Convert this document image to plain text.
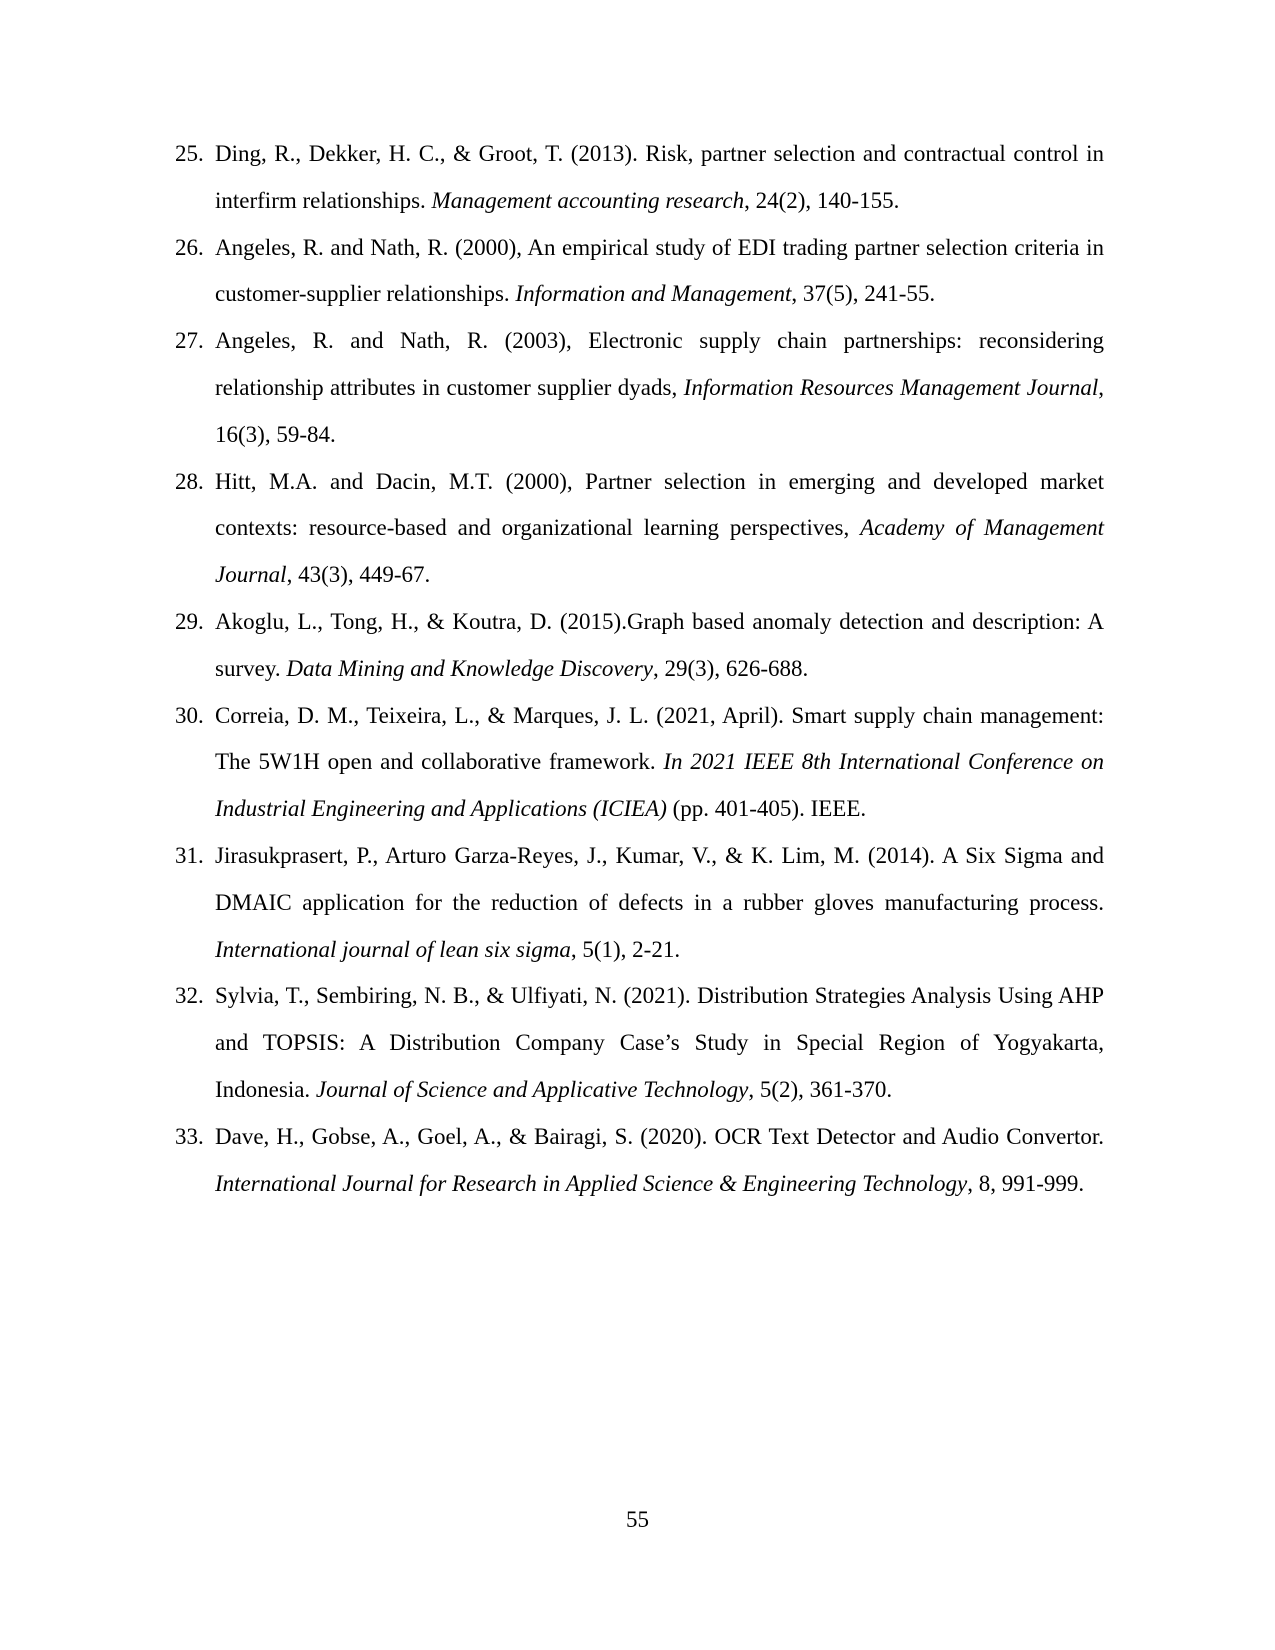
25. Ding, R., Dekker, H. C., & Groot, T. (2013). Risk, partner selection and contractual control in interfirm relationships. Management accounting research, 24(2), 140-155.
26. Angeles, R. and Nath, R. (2000), An empirical study of EDI trading partner selection criteria in customer-supplier relationships. Information and Management, 37(5), 241-55.
27. Angeles, R. and Nath, R. (2003), Electronic supply chain partnerships: reconsidering relationship attributes in customer supplier dyads, Information Resources Management Journal, 16(3), 59-84.
28. Hitt, M.A. and Dacin, M.T. (2000), Partner selection in emerging and developed market contexts: resource-based and organizational learning perspectives, Academy of Management Journal, 43(3), 449-67.
29. Akoglu, L., Tong, H., & Koutra, D. (2015).Graph based anomaly detection and description: A survey. Data Mining and Knowledge Discovery, 29(3), 626-688.
30. Correia, D. M., Teixeira, L., & Marques, J. L. (2021, April). Smart supply chain management: The 5W1H open and collaborative framework. In 2021 IEEE 8th International Conference on Industrial Engineering and Applications (ICIEA) (pp. 401-405). IEEE.
31. Jirasukprasert, P., Arturo Garza-Reyes, J., Kumar, V., & K. Lim, M. (2014). A Six Sigma and DMAIC application for the reduction of defects in a rubber gloves manufacturing process. International journal of lean six sigma, 5(1), 2-21.
32. Sylvia, T., Sembiring, N. B., & Ulfiyati, N. (2021). Distribution Strategies Analysis Using AHP and TOPSIS: A Distribution Company Case’s Study in Special Region of Yogyakarta, Indonesia. Journal of Science and Applicative Technology, 5(2), 361-370.
33. Dave, H., Gobse, A., Goel, A., & Bairagi, S. (2020). OCR Text Detector and Audio Convertor. International Journal for Research in Applied Science & Engineering Technology, 8, 991-999.
55
